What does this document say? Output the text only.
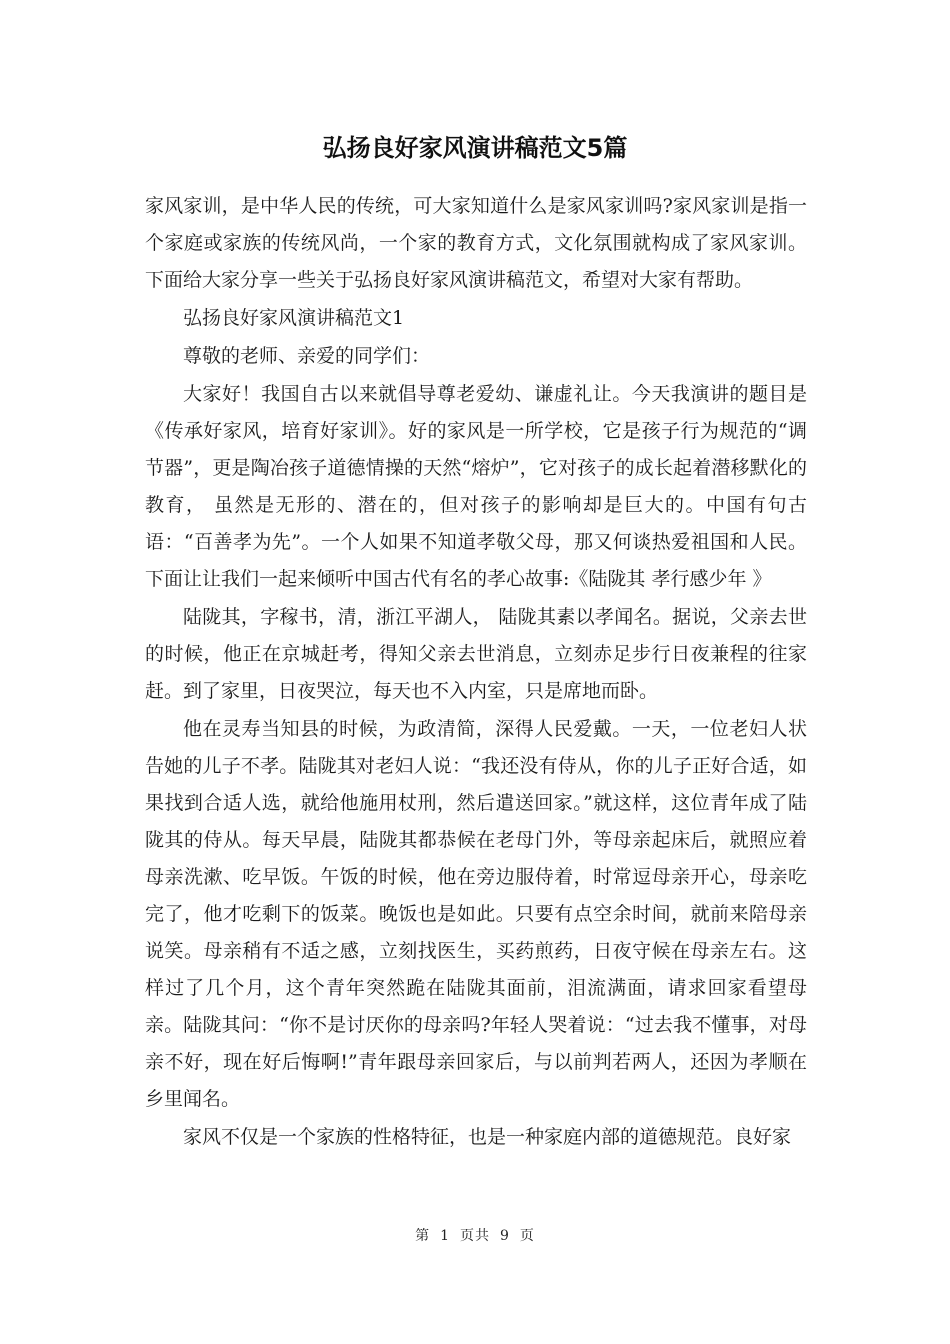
弘扬良好家风演讲稿范文5篇

家风家训，是中华人民的传统，可大家知道什么是家风家训吗?家风家训是指一个家庭或家族的传统风尚，一个家的教育方式，文化氛围就构成了家风家训。下面给大家分享一些关于弘扬良好家风演讲稿范文，希望对大家有帮助。

弘扬良好家风演讲稿范文1

尊敬的老师、亲爱的同学们：

大家好！我国自古以来就倡导尊老爱幼、谦虚礼让。今天我演讲的题目是《传承好家风，培育好家训》。好的家风是一所学校，它是孩子行为规范的“调节器”，更是陶冶孩子道德情操的天然“熔炉”，它对孩子的成长起着潜移默化的教育， 虽然是无形的、潜在的，但对孩子的影响却是巨大的。中国有句古语：“百善孝为先”。一个人如果不知道孝敬父母，那又何谈热爱祖国和人民。 下面让让我们一起来倾听中国古代有名的孝心故事:《陆陇其 孝行感少年 》

陆陇其，字稼书，清，浙江平湖人， 陆陇其素以孝闻名。据说，父亲去世的时候，他正在京城赶考，得知父亲去世消息，立刻赤足步行日夜兼程的往家赶。到了家里，日夜哭泣，每天也不入内室，只是席地而卧。

他在灵寿当知县的时候，为政清简，深得人民爱戴。一天，一位老妇人状告她的儿子不孝。陆陇其对老妇人说：“我还没有侍从，你的儿子正好合适，如果找到合适人选，就给他施用杖刑，然后遣送回家。”就这样，这位青年成了陆陇其的侍从。每天早晨，陆陇其都恭候在老母门外，等母亲起床后，就照应着母亲洗漱、吃早饭。午饭的时候，他在旁边服侍着，时常逗母亲开心，母亲吃完了，他才吃剩下的饭菜。晚饭也是如此。只要有点空余时间，就前来陪母亲说笑。母亲稍有不适之感，立刻找医生，买药煎药，日夜守候在母亲左右。这样过了几个月，这个青年突然跪在陆陇其面前，泪流满面，请求回家看望母亲。陆陇其问：“你不是讨厌你的母亲吗?年轻人哭着说：“过去我不懂事，对母亲不好，现在好后悔啊!”青年跟母亲回家后，与以前判若两人，还因为孝顺在乡里闻名。

家风不仅是一个家族的性格特征，也是一种家庭内部的道德规范。良好家

第 1 页共 9 页
